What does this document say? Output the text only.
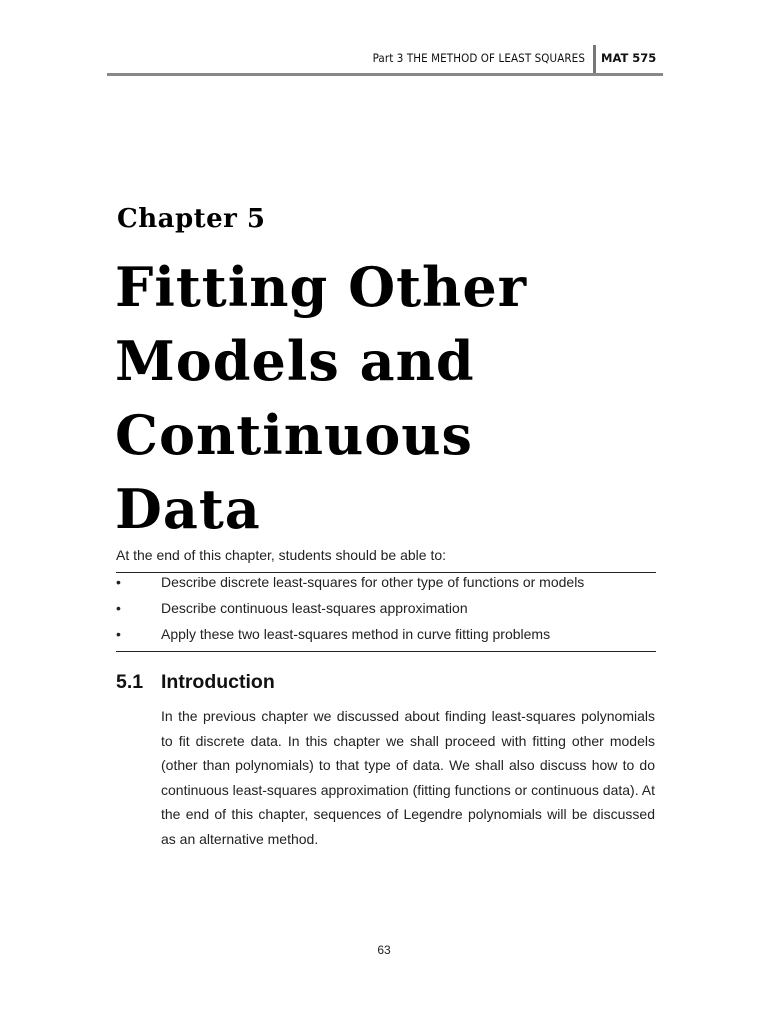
Part 3 THE METHOD OF LEAST SQUARES MAT 575
Chapter 5
Fitting Other
Models and
Continuous
Data
At the end of this chapter, students should be able to:
•	Describe discrete least-squares for other type of functions or models
•	Describe continuous least-squares approximation
•	Apply these two least-squares method in curve fitting problems
5.1 Introduction
In the previous chapter we discussed about finding least-squares polynomials to fit discrete data. In this chapter we shall proceed with fitting other models (other than polynomials) to that type of data. We shall also discuss how to do continuous least-squares approximation (fitting functions or continuous data). At the end of this chapter, sequences of Legendre polynomials will be discussed as an alternative method.
63
